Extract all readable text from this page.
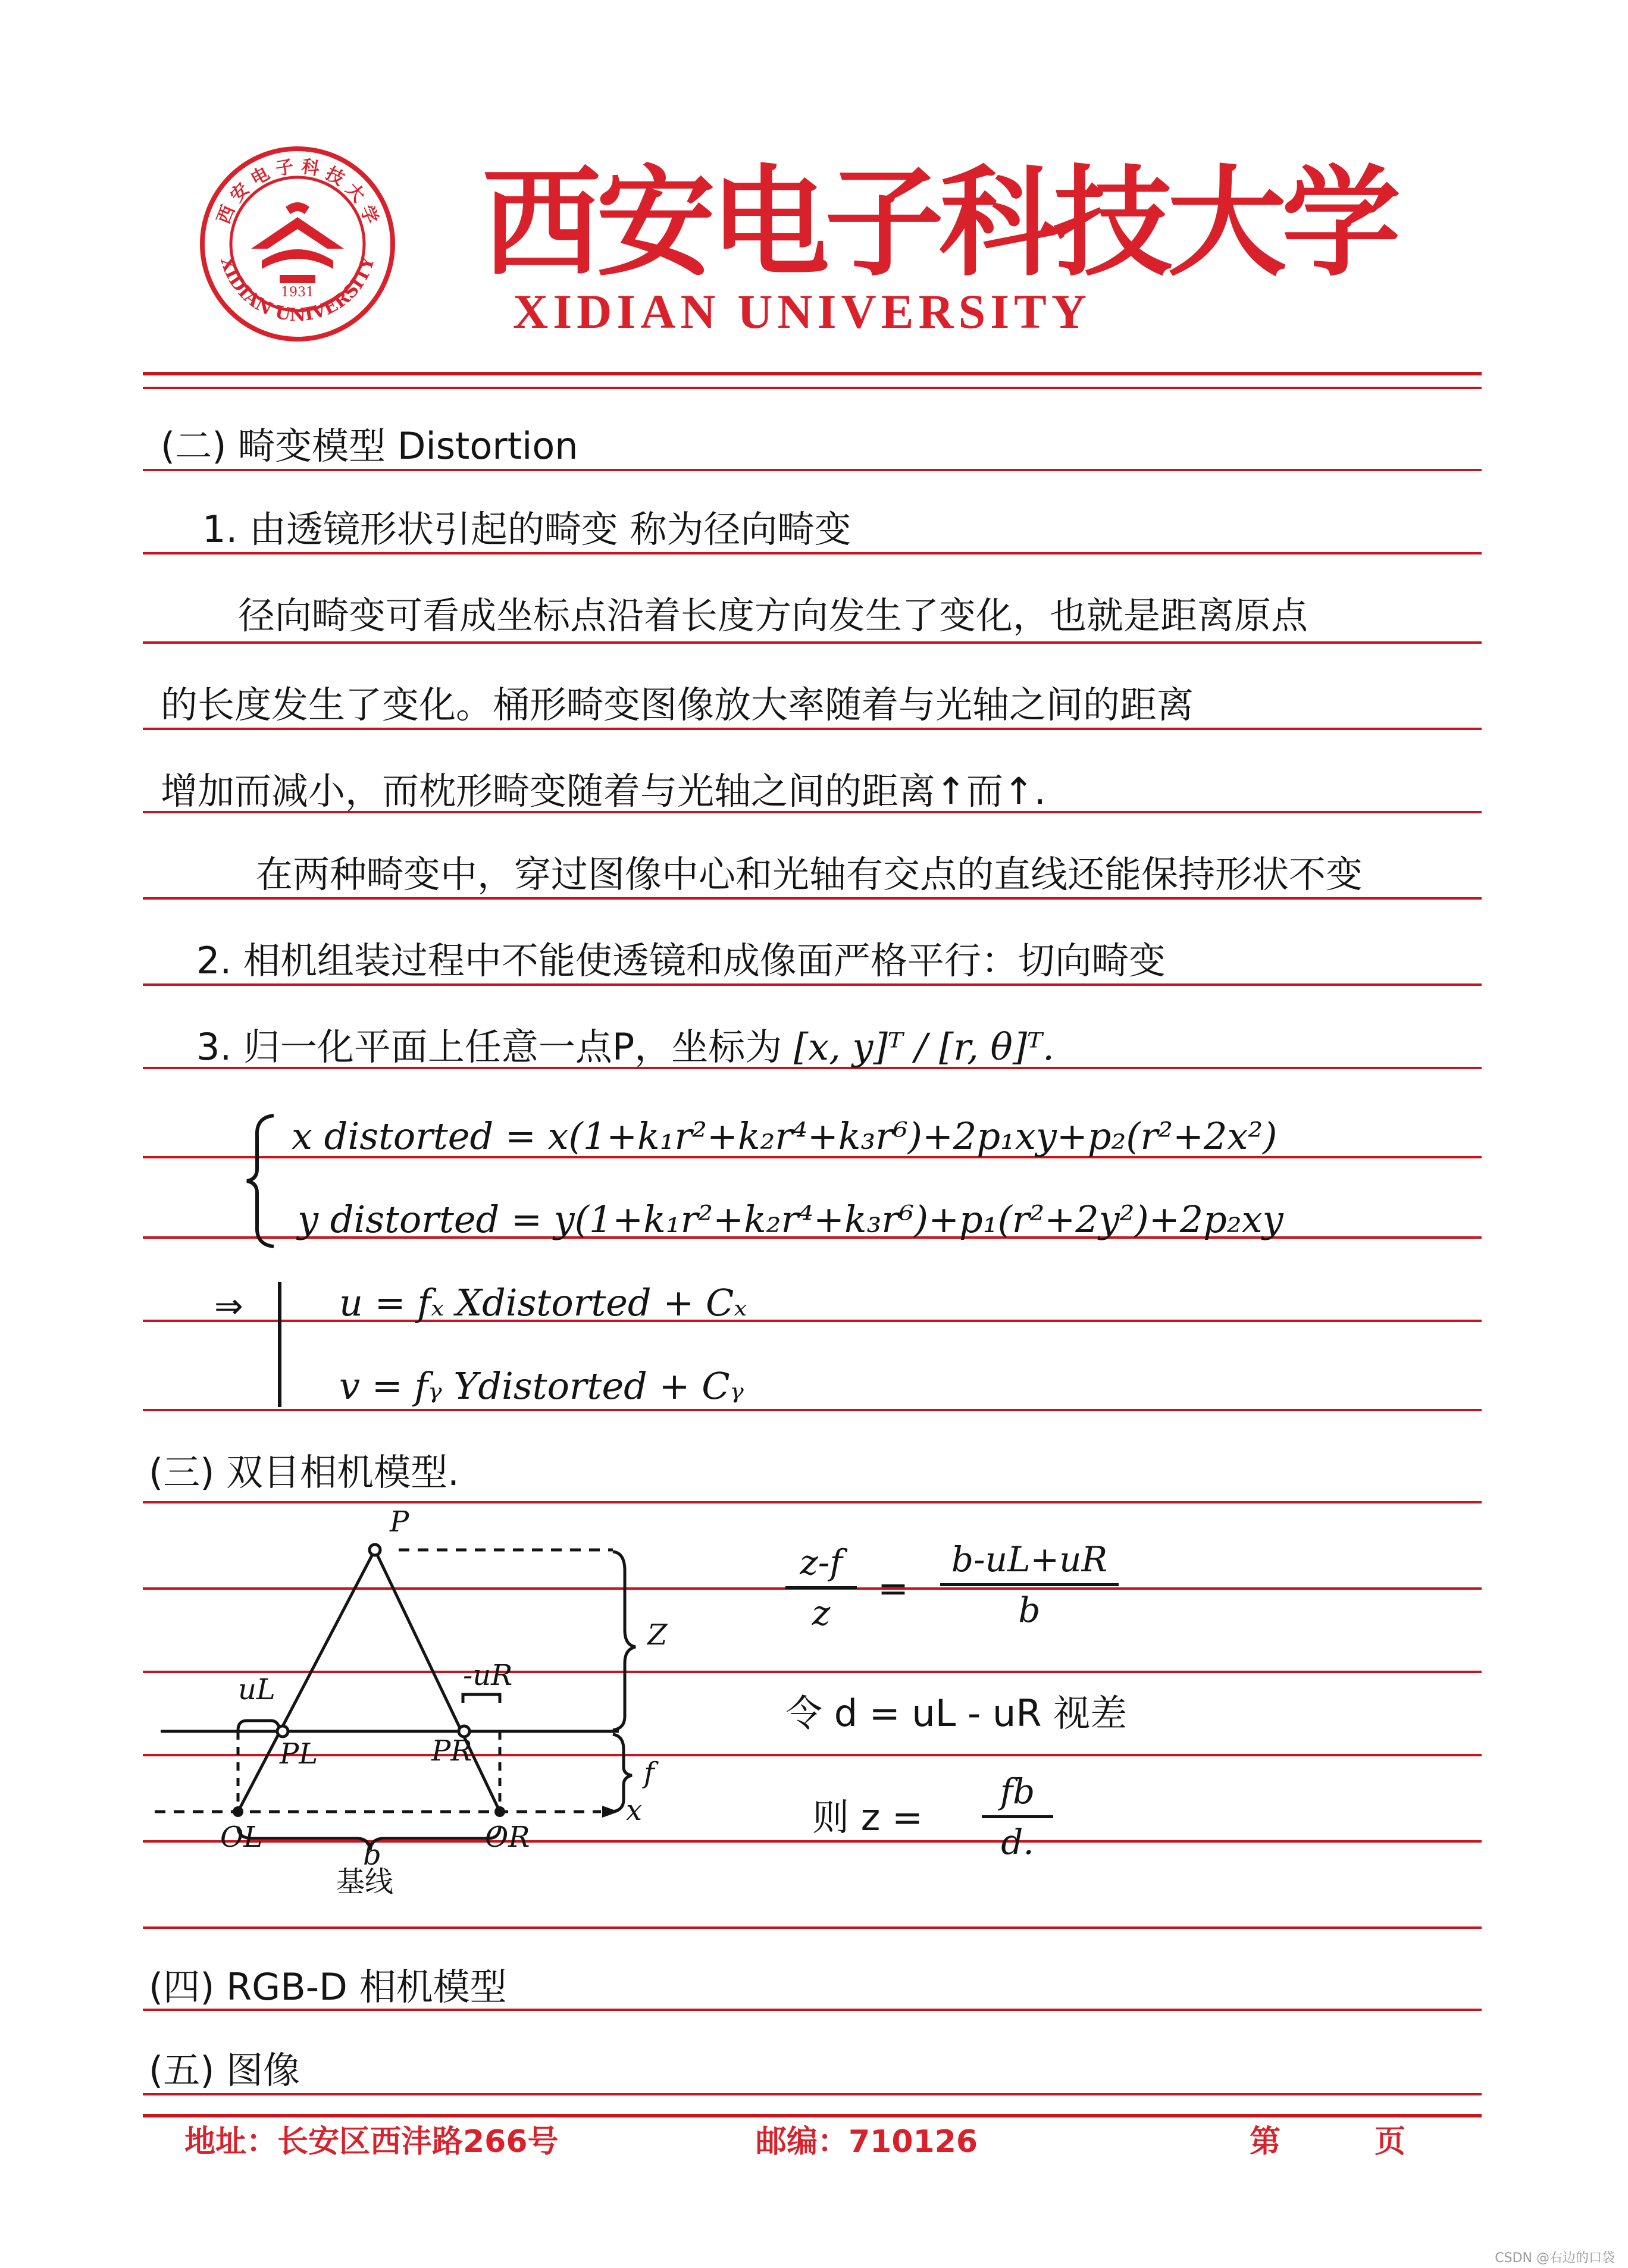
1931
西 安 电 子 科 技 大 学
XIDIAN UNIVERSITY 西安电子科技大学
XIDIAN UNIVERSITY
(二) 畸变模型 Distortion
1. 由透镜形状引起的畸变 称为径向畸变
径向畸变可看成坐标点沿着长度方向发生了变化，也就是距离原点
的长度发生了变化。桶形畸变图像放大率随着与光轴之间的距离
增加而减小，而枕形畸变随着与光轴之间的距离↑而↑.
在两种畸变中，穿过图像中心和光轴有交点的直线还能保持形状不变
2. 相机组装过程中不能使透镜和成像面严格平行：切向畸变
3. 归一化平面上任意一点P，坐标为 [x, y]ᵀ / [r, θ]ᵀ.
x distorted = x(1+k₁r²+k₂r⁴+k₃r⁶)+2p₁xy+p₂(r²+2x²)
y distorted = y(1+k₁r²+k₂r⁴+k₃r⁶)+p₁(r²+2y²)+2p₂xy
⇒	u = fₓ Xdistorted + Cₓ
v = fᵧ Ydistorted + Cᵧ
(三) 双目相机模型.
P
Z
f
x
uL	-uR
PL	PR
OL	OR
b
基线
z-f
z
=
b-uL+uR
b
令 d = uL - uR 视差
则 z =
fb
d.
(四) RGB-D 相机模型
(五) 图像
地址：长安区西沣路266号	邮编：710126	第	页
CSDN @右边的口袋
